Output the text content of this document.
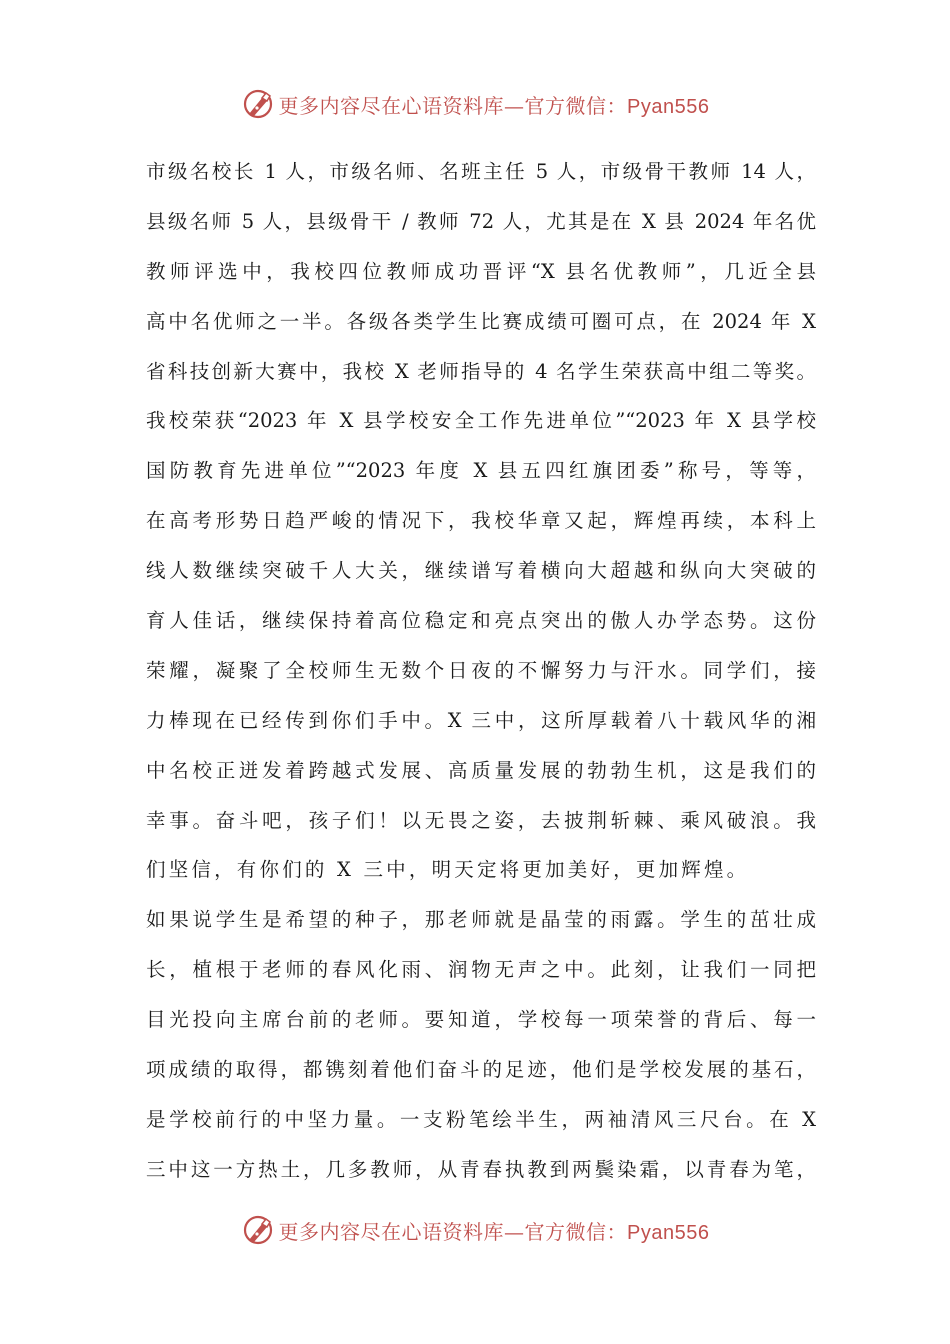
更多内容尽在心语资料库—官方微信：Pyan556
市级名校长 1 人，市级名师、名班主任 5 人，市级骨干教师 14 人，
县级名师 5 人，县级骨干 / 教师 72 人，尤其是在 X 县 2024 年名优
教师评选中，我校四位教师成功晋评“X 县名优教师”，几近全县
高中名优师之一半。各级各类学生比赛成绩可圈可点，在 2024 年 X
省科技创新大赛中，我校 X 老师指导的 4 名学生荣获高中组二等奖。
我校荣获“2023 年 X 县学校安全工作先进单位”“2023 年 X 县学校
国防教育先进单位”“2023 年度 X 县五四红旗团委”称号，等等，
在高考形势日趋严峻的情况下，我校华章又起，辉煌再续，本科上
线人数继续突破千人大关，继续谱写着横向大超越和纵向大突破的
育人佳话，继续保持着高位稳定和亮点突出的傲人办学态势。这份
荣耀，凝聚了全校师生无数个日夜的不懈努力与汗水。同学们，接
力棒现在已经传到你们手中。X 三中，这所厚载着八十载风华的湘
中名校正迸发着跨越式发展、高质量发展的勃勃生机，这是我们的
幸事。奋斗吧，孩子们！以无畏之姿，去披荆斩棘、乘风破浪。我
们坚信，有你们的 X 三中，明天定将更加美好，更加辉煌。
如果说学生是希望的种子，那老师就是晶莹的雨露。学生的茁壮成
长，植根于老师的春风化雨、润物无声之中。此刻，让我们一同把
目光投向主席台前的老师。要知道，学校每一项荣誉的背后、每一
项成绩的取得，都镌刻着他们奋斗的足迹，他们是学校发展的基石，
是学校前行的中坚力量。一支粉笔绘半生，两袖清风三尺台。在 X
三中这一方热土，几多教师，从青春执教到两鬓染霜，以青春为笔，
更多内容尽在心语资料库—官方微信：Pyan556
